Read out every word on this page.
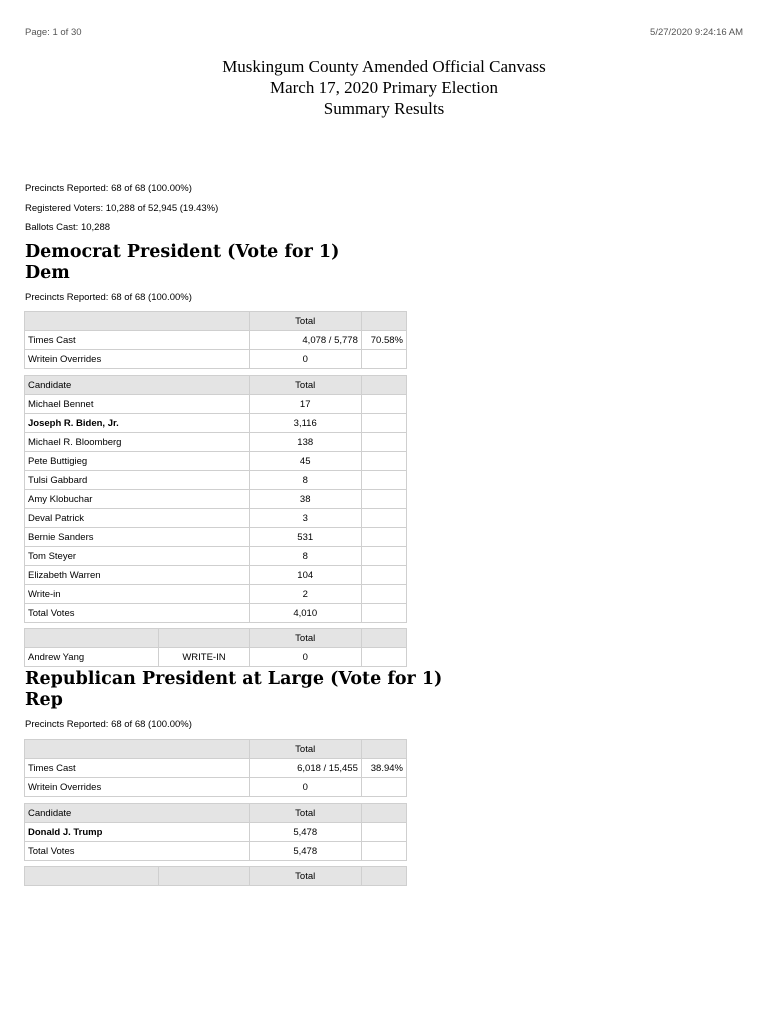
Page: 1 of 30	5/27/2020 9:24:16 AM
Muskingum County Amended Official Canvass
March 17, 2020 Primary Election
Summary Results
Precincts Reported: 68 of 68 (100.00%)
Registered Voters: 10,288 of 52,945 (19.43%)
Ballots Cast: 10,288
Democrat President (Vote for 1)
Dem
Precincts Reported: 68 of 68 (100.00%)
	Total	
Times Cast	4,078 / 5,778	70.58%
Writein Overrides	0	
Candidate	Total	
Michael Bennet	17	
Joseph R. Biden, Jr.	3,116	
Michael R. Bloomberg	138	
Pete Buttigieg	45	
Tulsi Gabbard	8	
Amy Klobuchar	38	
Deval Patrick	3	
Bernie Sanders	531	
Tom Steyer	8	
Elizabeth Warren	104	
Write-in	2	
Total Votes	4,010	
		Total	
Andrew Yang	WRITE-IN	0	
Republican President at Large (Vote for 1)
Rep
Precincts Reported: 68 of 68 (100.00%)
	Total	
Times Cast	6,018 / 15,455	38.94%
Writein Overrides	0	
Candidate	Total	
Donald J. Trump	5,478	
Total Votes	5,478	
		Total	
